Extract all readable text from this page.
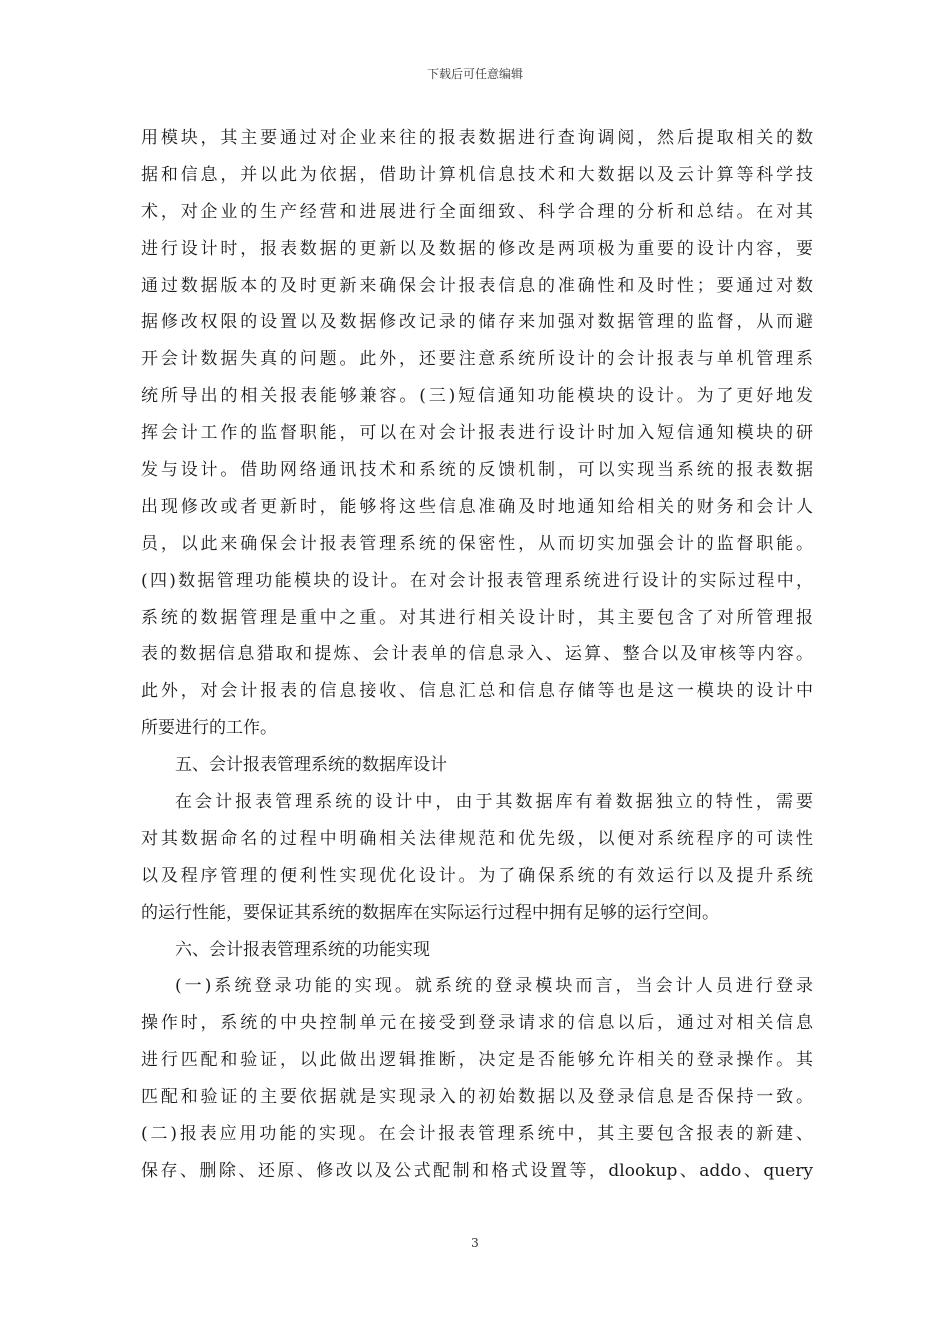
下载后可任意编辑
用模块，其主要通过对企业来往的报表数据进行查询调阅，然后提取相关的数
据和信息，并以此为依据，借助计算机信息技术和大数据以及云计算等科学技
术，对企业的生产经营和进展进行全面细致、科学合理的分析和总结。在对其
进行设计时，报表数据的更新以及数据的修改是两项极为重要的设计内容，要
通过数据版本的及时更新来确保会计报表信息的准确性和及时性；要通过对数
据修改权限的设置以及数据修改记录的储存来加强对数据管理的监督，从而避
开会计数据失真的问题。此外，还要注意系统所设计的会计报表与单机管理系
统所导出的相关报表能够兼容。(三)短信通知功能模块的设计。为了更好地发
挥会计工作的监督职能，可以在对会计报表进行设计时加入短信通知模块的研
发与设计。借助网络通讯技术和系统的反馈机制，可以实现当系统的报表数据
出现修改或者更新时，能够将这些信息准确及时地通知给相关的财务和会计人
员，以此来确保会计报表管理系统的保密性，从而切实加强会计的监督职能。
(四)数据管理功能模块的设计。在对会计报表管理系统进行设计的实际过程中，
系统的数据管理是重中之重。对其进行相关设计时，其主要包含了对所管理报
表的数据信息猎取和提炼、会计表单的信息录入、运算、整合以及审核等内容。
此外，对会计报表的信息接收、信息汇总和信息存储等也是这一模块的设计中
所要进行的工作。
五、会计报表管理系统的数据库设计
在会计报表管理系统的设计中，由于其数据库有着数据独立的特性，需要
对其数据命名的过程中明确相关法律规范和优先级，以便对系统程序的可读性
以及程序管理的便利性实现优化设计。为了确保系统的有效运行以及提升系统
的运行性能，要保证其系统的数据库在实际运行过程中拥有足够的运行空间。
六、会计报表管理系统的功能实现
(一)系统登录功能的实现。就系统的登录模块而言，当会计人员进行登录
操作时，系统的中央控制单元在接受到登录请求的信息以后，通过对相关信息
进行匹配和验证，以此做出逻辑推断，决定是否能够允许相关的登录操作。其
匹配和验证的主要依据就是实现录入的初始数据以及登录信息是否保持一致。
(二)报表应用功能的实现。在会计报表管理系统中，其主要包含报表的新建、
保存、删除、还原、修改以及公式配制和格式设置等，dlookup、addo、query
3
